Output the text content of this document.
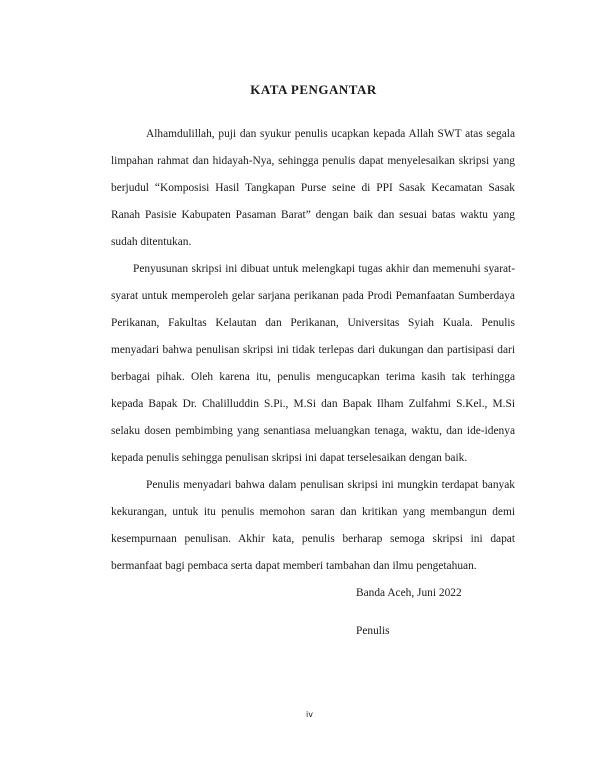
KATA PENGANTAR
Alhamdulillah, puji dan syukur penulis ucapkan kepada Allah SWT atas segala
limpahan rahmat dan hidayah-Nya, sehingga penulis dapat menyelesaikan skripsi yang
berjudul “Komposisi Hasil Tangkapan Purse seine di PPI Sasak Kecamatan Sasak
Ranah Pasisie Kabupaten Pasaman Barat” dengan baik dan sesuai batas waktu yang
sudah ditentukan.
Penyusunan skripsi ini dibuat untuk melengkapi tugas akhir dan memenuhi syarat-
syarat untuk memperoleh gelar sarjana perikanan pada Prodi Pemanfaatan Sumberdaya
Perikanan, Fakultas Kelautan dan Perikanan, Universitas Syiah Kuala. Penulis
menyadari bahwa penulisan skripsi ini tidak terlepas dari dukungan dan partisipasi dari
berbagai pihak. Oleh karena itu, penulis mengucapkan terima kasih tak terhingga
kepada Bapak Dr. Chalilluddin S.Pi., M.Si dan Bapak Ilham Zulfahmi S.Kel., M.Si
selaku dosen pembimbing yang senantiasa meluangkan tenaga, waktu, dan ide-idenya
kepada penulis sehingga penulisan skripsi ini dapat terselesaikan dengan baik.
Penulis menyadari bahwa dalam penulisan skripsi ini mungkin terdapat banyak
kekurangan, untuk itu penulis memohon saran dan kritikan yang membangun demi
kesempurnaan penulisan. Akhir kata, penulis berharap semoga skripsi ini dapat
bermanfaat bagi pembaca serta dapat memberi tambahan dan ilmu pengetahuan.
Banda Aceh, Juni 2022
Penulis
iv
